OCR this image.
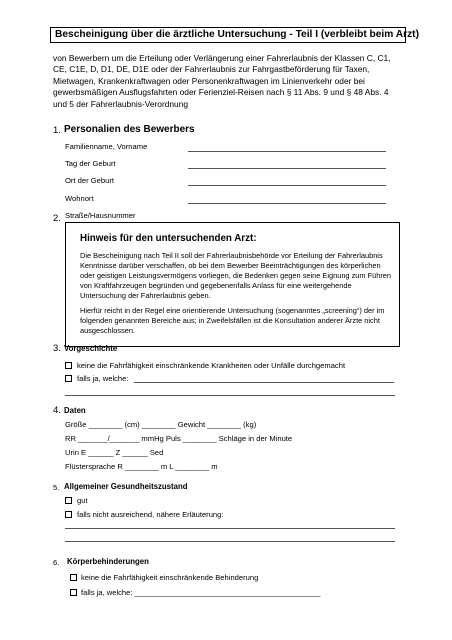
Bescheinigung über die ärztliche Untersuchung - Teil I (verbleibt beim Arzt)
von Bewerbern um die Erteilung oder Verlängerung einer Fahrerlaubnis der Klassen C, C1, CE, C1E, D, D1, DE, D1E oder der Fahrerlaubnis zur Fahrgastbeförderung für Taxen, Mietwagen, Krankenkraftwagen oder Personenkraftwagen im Linienverkehr oder bei gewerbsmäßigen Ausflugsfahrten oder Ferienziel-Reisen nach § 11 Abs. 9 und § 48 Abs. 4 und 5 der Fahrerlaubnis-Verordnung
1. Personalien des Bewerbers
Familienname, Vorname
Tag der Geburt
Ort der Geburt
Wohnort
Straße/Hausnummer
2.
Hinweis für den untersuchenden Arzt:
Die Bescheinigung nach Teil II soll der Fahrerlaubnisbehörde vor Erteilung der Fahrerlaubnis Kenntnisse darüber verschaffen, ob bei dem Bewerber Beeinträchtigungen des körperlichen oder geistigen Leistungsvermögens vorliegen, die Bedenken gegen seine Eignung zum Führen von Kraftfahrzeugen begründen und gegebenenfalls Anlass für eine weitergehende Untersuchung der Fahrerlaubnis geben.
Hierfür reicht in der Regel eine orientierende Untersuchung (sogenanntes „screening“) der im folgenden genannten Bereiche aus; in Zweifelsfällen ist die Konsultation anderer Ärzte nicht ausgeschlossen.
3. Vorgeschichte
keine die Fahrfähigkeit einschränkende Krankheiten oder Unfälle durchgemacht
falls ja, welche:
4. Daten
Größe ________ (cm) ________ Gewicht ________ (kg)
RR _______/_______ mmHg Puls ________ Schläge in der Minute
Urin E ______ Z ______ Sed
Flüstersprache R ________ m L ________ m
5. Allgemeiner Gesundheitszustand
gut
falls nicht ausreichend, nähere Erläuterung:
6. Körperbehinderungen
keine die Fahrfähigkeit einschränkende Behinderung
falls ja, welche: ____________________________________________
